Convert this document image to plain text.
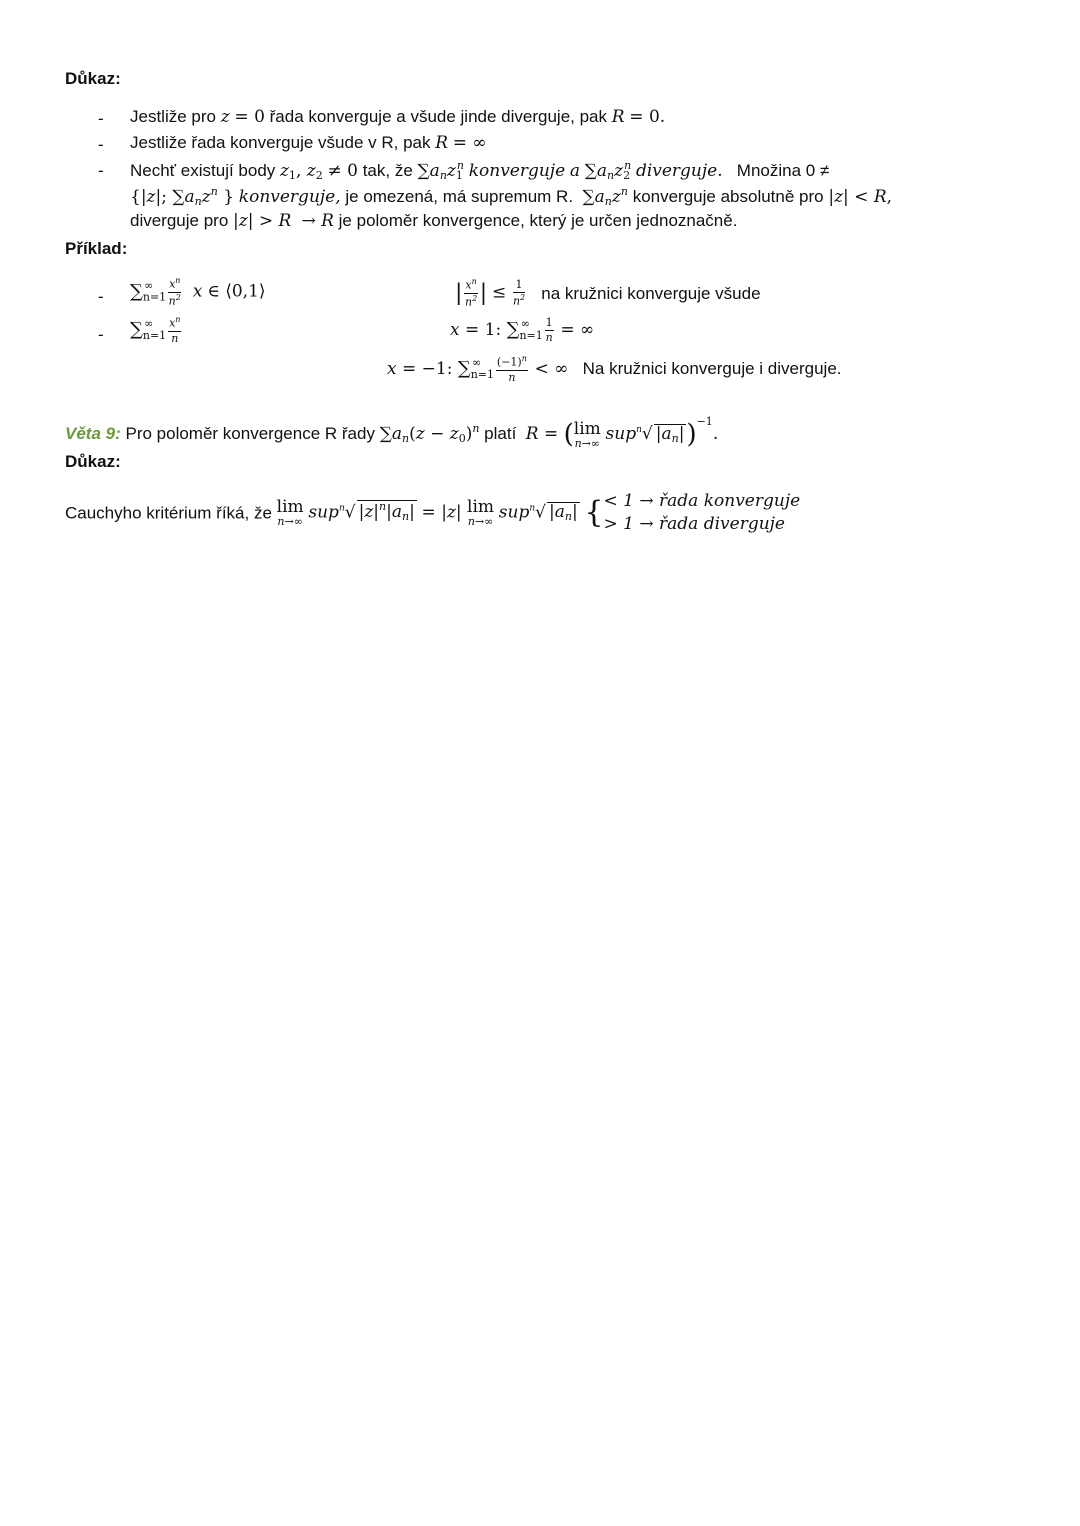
Důkaz:
- Jestliže pro z = 0 řada konverguje a všude jinde diverguje, pak R = 0.
- Jestliže řada konverguje všude v R, pak R = ∞
- Nechť existují body $z_1$, $z_2 \ne 0$ tak, že $\sum a_nz_1^n$ konverguje a $\sum a_nz_2^n$ diverguje. Množina 0 ≠
{|z|; $\sum a_nz^n$ } konverguje, je omezená, má supremum R. $\sum a_nz^n$ konverguje absolutně pro |z| < R,
diverguje pro |z| > R  → R je poloměr konvergence, který je určen jednoznačně.
Příklad:
- $\sum_{n=1}^\infty \frac{x^n}{n^2}$ x ∈ ⟨0,1⟩
- $\sum_{n=1}^\infty \frac{x^n}{n}$
| $\frac{x^n}{n^2}$ | ≤ $\frac{1}{n^2}$ na kružnici konverguje všude
x = 1: $\sum_{n=1}^\infty \frac{1}{n}$ = ∞
x = −1: $\sum_{n=1}^\infty \frac{(-1)^n}{n}$ < ∞ Na kružnici konverguje i diverguje.
Věta 9: Pro poloměr konvergence R řady $\sum a_n(z - z_0)^n$ platí R = ( lim
n→∞ sup$^n$√ $|a_n|)^{-1}$.
Důkaz:
Cauchyho kritérium říká, že lim
n→∞ sup$^n$√ $|z|^n|a_n| = |z|$ lim
n→∞ sup$^n$√ $|a_n|$ { < 1 → řada konverguje
> 1 → řada diverguje
